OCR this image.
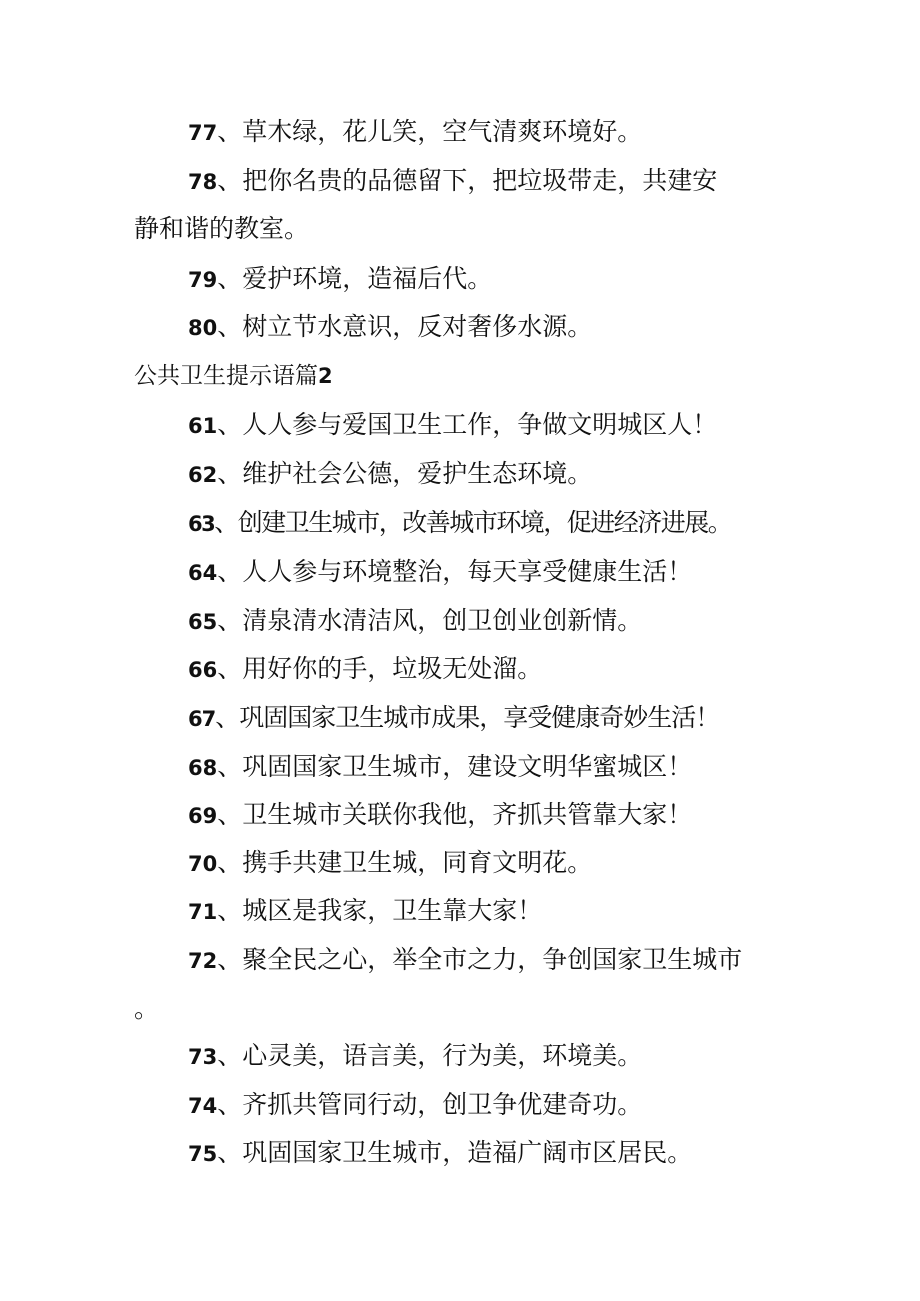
77、草木绿，花儿笑，空气清爽环境好。
78、把你名贵的品德留下，把垃圾带走，共建安
静和谐的教室。
79、爱护环境，造福后代。
80、树立节水意识，反对奢侈水源。
公共卫生提示语篇2
61、人人参与爱国卫生工作，争做文明城区人！
62、维护社会公德，爱护生态环境。
63、创建卫生城市，改善城市环境，促进经济进展。
64、人人参与环境整治，每天享受健康生活！
65、清泉清水清洁风，创卫创业创新情。
66、用好你的手，垃圾无处溜。
67、巩固国家卫生城市成果，享受健康奇妙生活！
68、巩固国家卫生城市，建设文明华蜜城区！
69、卫生城市关联你我他，齐抓共管靠大家！
70、携手共建卫生城，同育文明花。
71、城区是我家，卫生靠大家！
72、聚全民之心，举全市之力，争创国家卫生城市
。
73、心灵美，语言美，行为美，环境美。
74、齐抓共管同行动，创卫争优建奇功。
75、巩固国家卫生城市，造福广阔市区居民。
